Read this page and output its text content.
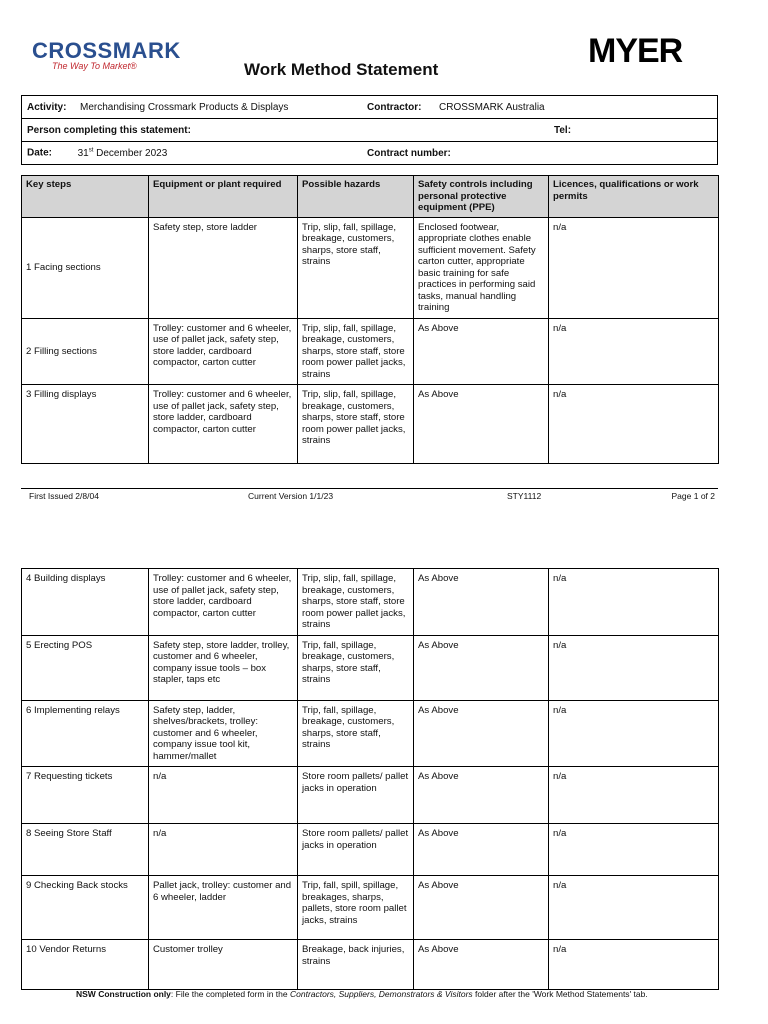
CROSSMARK
The Way To Market®	MYER
Work Method Statement
Activity: Merchandising Crossmark Products & Displays	Contractor: CROSSMARK Australia
Person completing this statement:	Tel:
Date: 31st December 2023	Contract number:
Key steps	Equipment or plant required	Possible hazards	Safety controls including personal protective equipment (PPE)	Licences, qualifications or work permits
1 Facing sections	Safety step, store ladder	Trip, slip, fall, spillage, breakage, customers, sharps, store staff, strains	Enclosed footwear, appropriate clothes enable sufficient movement. Safety carton cutter, appropriate basic training for safe practices in performing said tasks, manual handling training	n/a
2 Filling sections	Trolley: customer and 6 wheeler, use of pallet jack, safety step, store ladder, cardboard compactor, carton cutter	Trip, slip, fall, spillage, breakage, customers, sharps, store staff, store room power pallet jacks, strains	As Above	n/a
3 Filling displays	Trolley: customer and 6 wheeler, use of pallet jack, safety step, store ladder, cardboard compactor, carton cutter	Trip, slip, fall, spillage, breakage, customers, sharps, store staff, store room power pallet jacks, strains	As Above	n/a
First Issued 2/8/04	Current Version 1/1/23	STY1112	Page 1 of 2
4 Building displays	Trolley: customer and 6 wheeler, use of pallet jack, safety step, store ladder, cardboard compactor, carton cutter	Trip, slip, fall, spillage, breakage, customers, sharps, store staff, store room power pallet jacks, strains	As Above	n/a
5 Erecting POS	Safety step, store ladder, trolley, customer and 6 wheeler, company issue tools – box stapler, taps etc	Trip, fall, spillage, breakage, customers, sharps, store staff, strains	As Above	n/a
6 Implementing relays	Safety step, ladder, shelves/brackets, trolley: customer and 6 wheeler, company issue tool kit, hammer/mallet	Trip, fall, spillage, breakage, customers, sharps, store staff, strains	As Above	n/a
7 Requesting tickets	n/a	Store room pallets/ pallet jacks in operation	As Above	n/a
8 Seeing Store Staff	n/a	Store room pallets/ pallet jacks in operation	As Above	n/a
9 Checking Back stocks	Pallet jack, trolley: customer and 6 wheeler, ladder	Trip, fall, spill, spillage, breakages, sharps, pallets, store room pallet jacks, strains	As Above	n/a
10 Vendor Returns	Customer trolley	Breakage, back injuries, strains	As Above	n/a
NSW Construction only: File the completed form in the Contractors, Suppliers, Demonstrators & Visitors folder after the 'Work Method Statements' tab.
